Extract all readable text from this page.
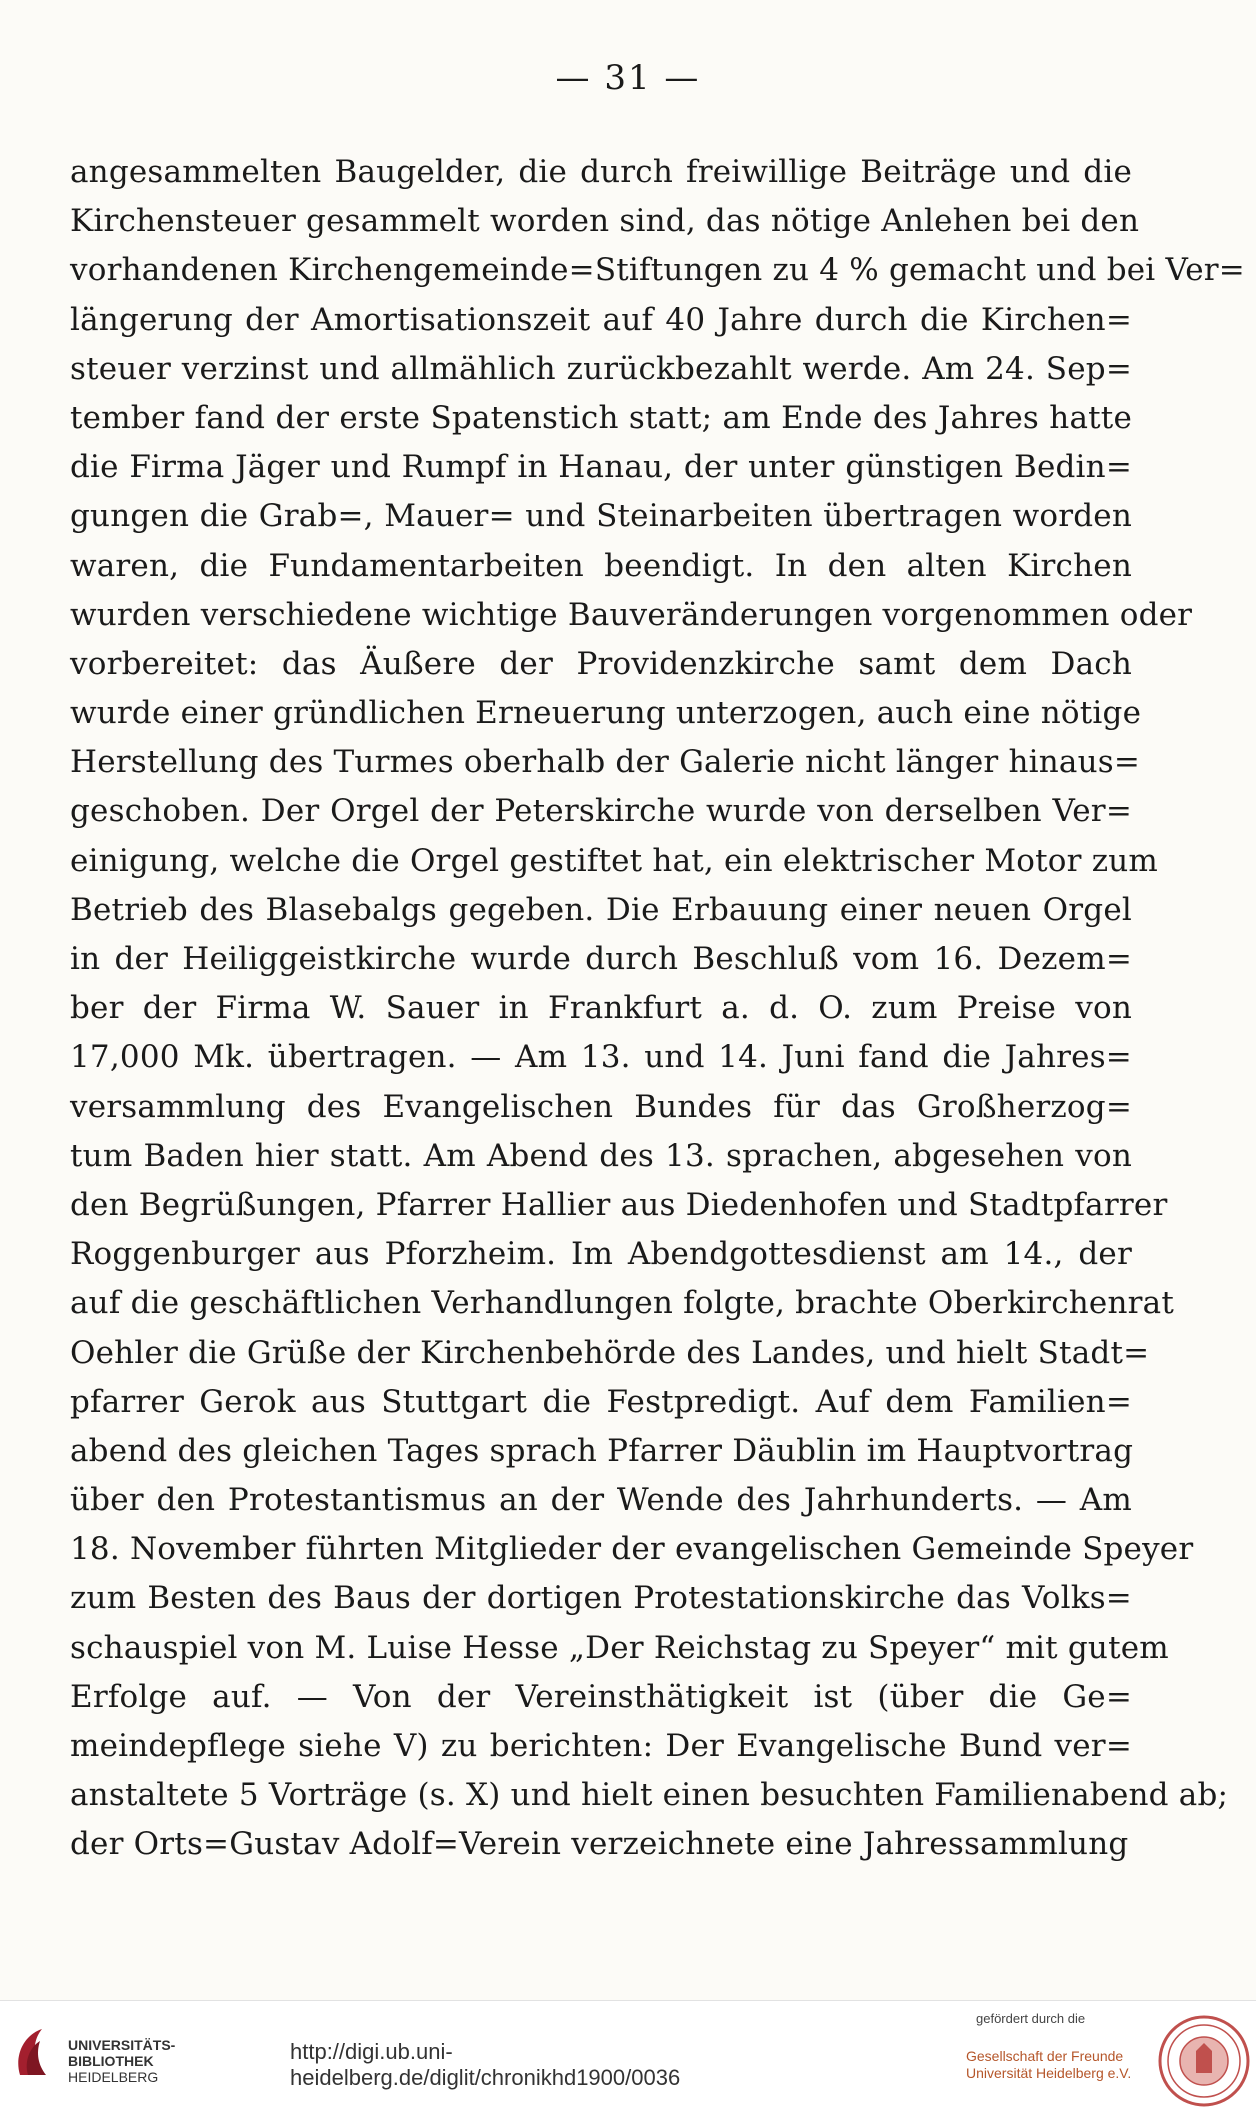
— 31 —
angesammelten Baugelder, die durch freiwillige Beiträge und die
Kirchensteuer gesammelt worden sind, das nötige Anlehen bei den
vorhandenen Kirchengemeinde=Stiftungen zu 4 % gemacht und bei Ver=
längerung der Amortisationszeit auf 40 Jahre durch die Kirchen=
steuer verzinst und allmählich zurückbezahlt werde. Am 24. Sep=
tember fand der erste Spatenstich statt; am Ende des Jahres hatte
die Firma Jäger und Rumpf in Hanau, der unter günstigen Bedin=
gungen die Grab=, Mauer= und Steinarbeiten übertragen worden
waren, die Fundamentarbeiten beendigt. In den alten Kirchen
wurden verschiedene wichtige Bauveränderungen vorgenommen oder
vorbereitet: das Äußere der Providenzkirche samt dem Dach
wurde einer gründlichen Erneuerung unterzogen, auch eine nötige
Herstellung des Turmes oberhalb der Galerie nicht länger hinaus=
geschoben. Der Orgel der Peterskirche wurde von derselben Ver=
einigung, welche die Orgel gestiftet hat, ein elektrischer Motor zum
Betrieb des Blasebalgs gegeben. Die Erbauung einer neuen Orgel
in der Heiliggeistkirche wurde durch Beschluß vom 16. Dezem=
ber der Firma W. Sauer in Frankfurt a. d. O. zum Preise von
17,000 Mk. übertragen. — Am 13. und 14. Juni fand die Jahres=
versammlung des Evangelischen Bundes für das Großherzog=
tum Baden hier statt. Am Abend des 13. sprachen, abgesehen von
den Begrüßungen, Pfarrer Hallier aus Diedenhofen und Stadtpfarrer
Roggenburger aus Pforzheim. Im Abendgottesdienst am 14., der
auf die geschäftlichen Verhandlungen folgte, brachte Oberkirchenrat
Oehler die Grüße der Kirchenbehörde des Landes, und hielt Stadt=
pfarrer Gerok aus Stuttgart die Festpredigt. Auf dem Familien=
abend des gleichen Tages sprach Pfarrer Däublin im Hauptvortrag
über den Protestantismus an der Wende des Jahrhunderts. — Am
18. November führten Mitglieder der evangelischen Gemeinde Speyer
zum Besten des Baus der dortigen Protestationskirche das Volks=
schauspiel von M. Luise Hesse „Der Reichstag zu Speyer“ mit gutem
Erfolge auf. — Von der Vereinsthätigkeit ist (über die Ge=
meindepflege siehe V) zu berichten: Der Evangelische Bund ver=
anstaltete 5 Vorträge (s. X) und hielt einen besuchten Familienabend ab;
der Orts=Gustav Adolf=Verein verzeichnete eine Jahressammlung
UNIVERSITÄTS-
BIBLIOTHEK
HEIDELBERG
http://digi.ub.uni-heidelberg.de/diglit/chronikhd1900/0036
gefördert durch die
Gesellschaft der Freunde
Universität Heidelberg e.V.
